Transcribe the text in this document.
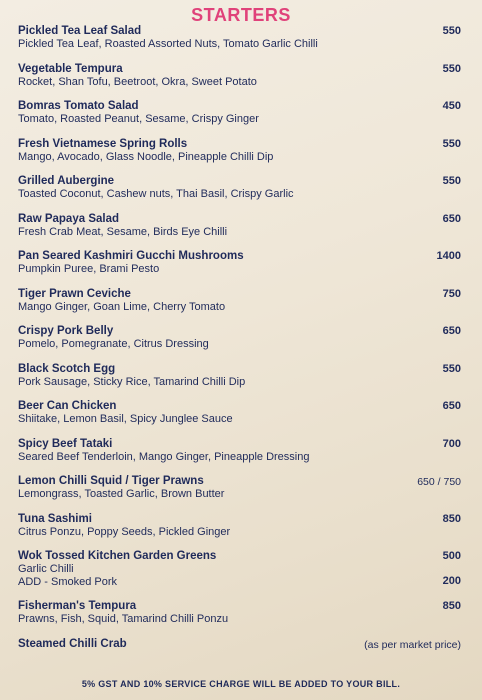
STARTERS
Pickled Tea Leaf Salad
Pickled Tea Leaf, Roasted Assorted Nuts, Tomato Garlic Chilli
550
Vegetable Tempura
Rocket, Shan Tofu, Beetroot, Okra, Sweet Potato
550
Bomras Tomato Salad
Tomato, Roasted Peanut, Sesame, Crispy Ginger
450
Fresh Vietnamese Spring Rolls
Mango, Avocado, Glass Noodle, Pineapple Chilli Dip
550
Grilled Aubergine
Toasted Coconut, Cashew nuts, Thai Basil, Crispy Garlic
550
Raw Papaya Salad
Fresh Crab Meat, Sesame, Birds Eye Chilli
650
Pan Seared Kashmiri Gucchi Mushrooms
Pumpkin Puree, Brami Pesto
1400
Tiger Prawn Ceviche
Mango Ginger, Goan Lime, Cherry Tomato
750
Crispy Pork Belly
Pomelo, Pomegranate, Citrus Dressing
650
Black Scotch Egg
Pork Sausage, Sticky Rice, Tamarind Chilli Dip
550
Beer Can Chicken
Shiitake, Lemon Basil, Spicy Junglee Sauce
650
Spicy Beef Tataki
Seared Beef Tenderloin, Mango Ginger, Pineapple Dressing
700
Lemon Chilli Squid / Tiger Prawns
Lemongrass, Toasted Garlic, Brown Butter
650 / 750
Tuna Sashimi
Citrus Ponzu, Poppy Seeds, Pickled Ginger
850
Wok Tossed Kitchen Garden Greens
Garlic Chilli
ADD - Smoked Pork
500
200
Fisherman's Tempura
Prawns, Fish, Squid, Tamarind Chilli Ponzu
850
Steamed Chilli Crab	(as per market price)
5% GST AND 10% SERVICE CHARGE WILL BE ADDED TO YOUR BILL.
